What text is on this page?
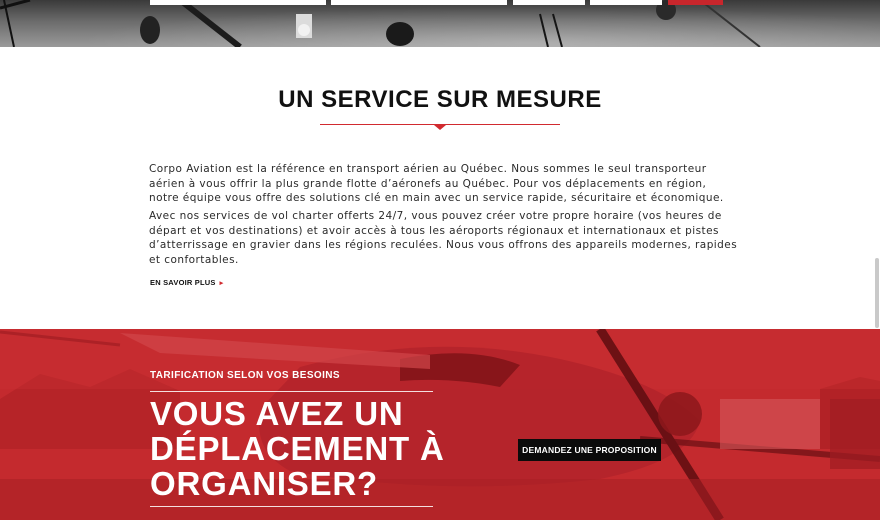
UN SERVICE SUR MESURE

Corpo Aviation est la référence en transport aérien au Québec. Nous sommes le seul transporteur aérien à vous offrir la plus grande flotte d’aéronefs au Québec. Pour vos déplacements en région, notre équipe vous offre des solutions clé en main avec un service rapide, sécuritaire et économique.

Avec nos services de vol charter offerts 24/7, vous pouvez créer votre propre horaire (vos heures de départ et vos destinations) et avoir accès à tous les aéroports régionaux et internationaux et pistes d’atterrissage en gravier dans les régions reculées. Nous vous offrons des appareils modernes, rapides et confortables.

EN SAVOIR PLUS ▸
TARIFICATION SELON VOS BESOINS
VOUS AVEZ UN
DÉPLACEMENT À
ORGANISER?
DEMANDEZ UNE PROPOSITION
